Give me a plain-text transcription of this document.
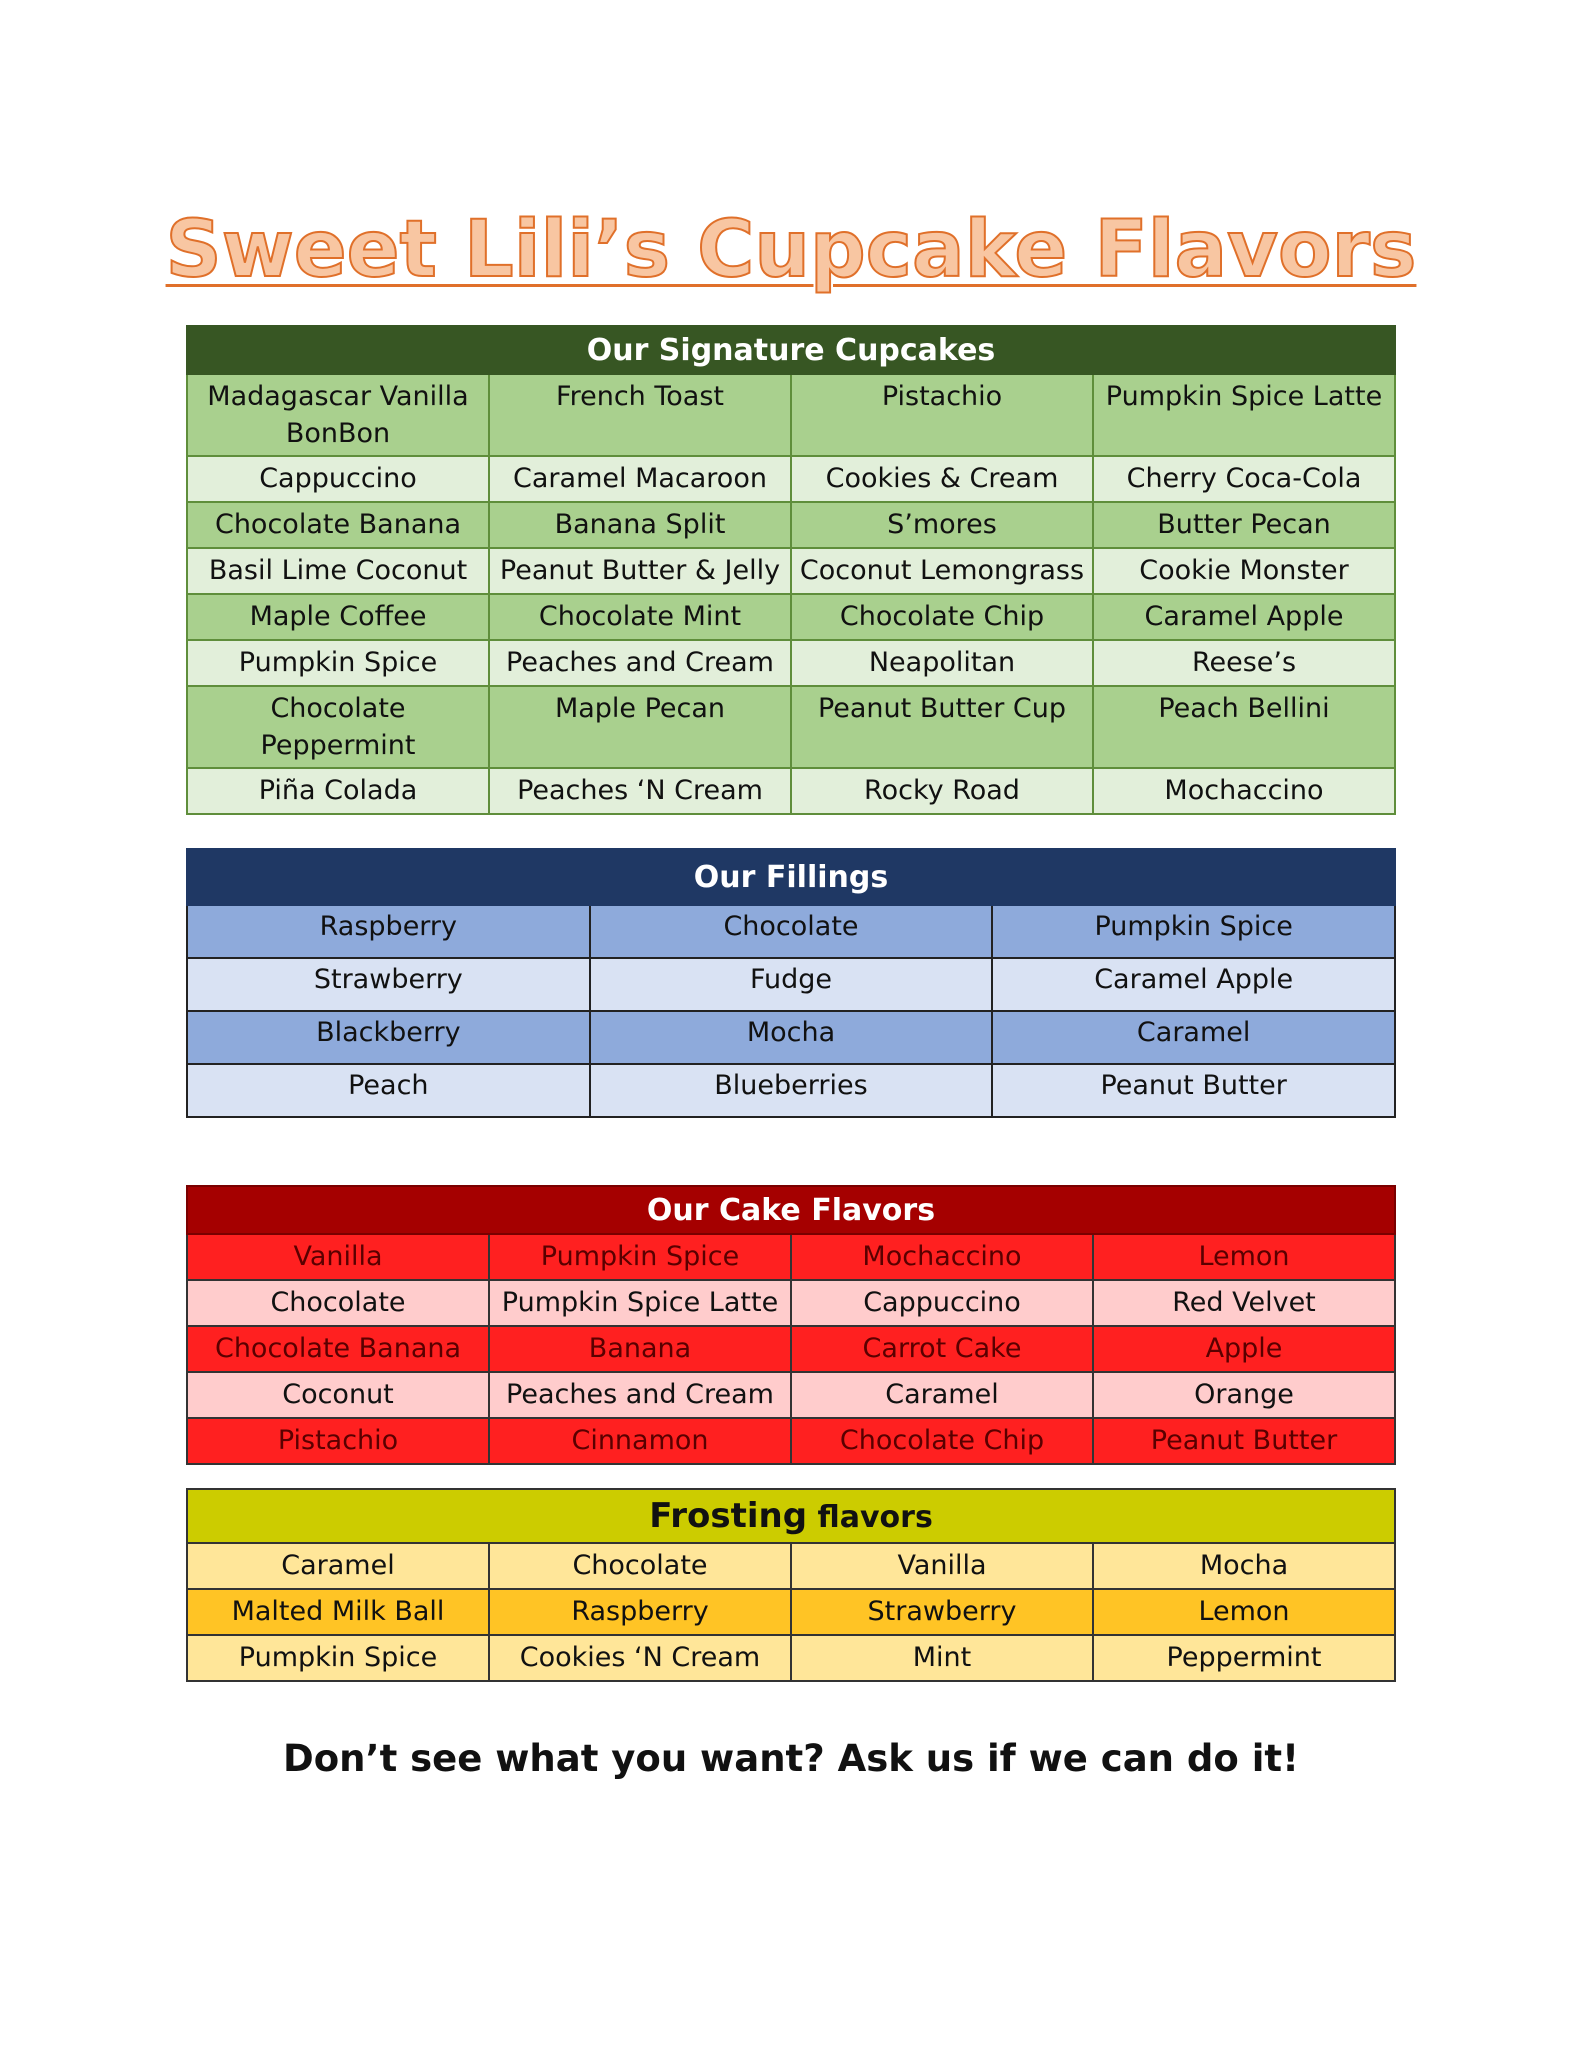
Sweet Lili’s Cupcake Flavors
Our Signature Cupcakes			
Madagascar Vanilla BonBon	French Toast	Pistachio	Pumpkin Spice Latte
Cappuccino	Caramel Macaroon	Cookies & Cream	Cherry Coca-Cola
Chocolate Banana	Banana Split	S’mores	Butter Pecan
Basil Lime Coconut	Peanut Butter & Jelly	Coconut Lemongrass	Cookie Monster
Maple Coffee	Chocolate Mint	Chocolate Chip	Caramel Apple
Pumpkin Spice	Peaches and Cream	Neapolitan	Reese’s
Chocolate Peppermint	Maple Pecan	Peanut Butter Cup	Peach Bellini
Piña Colada	Peaches ‘N Cream	Rocky Road	Mochaccino
Our Fillings		
Raspberry	Chocolate	Pumpkin Spice
Strawberry	Fudge	Caramel Apple
Blackberry	Mocha	Caramel
Peach	Blueberries	Peanut Butter
Our Cake Flavors			
Vanilla	Pumpkin Spice	Mochaccino	Lemon
Chocolate	Pumpkin Spice Latte	Cappuccino	Red Velvet
Chocolate Banana	Banana	Carrot Cake	Apple
Coconut	Peaches and Cream	Caramel	Orange
Pistachio	Cinnamon	Chocolate Chip	Peanut Butter
Frosting flavors			
Caramel	Chocolate	Vanilla	Mocha
Malted Milk Ball	Raspberry	Strawberry	Lemon
Pumpkin Spice	Cookies ‘N Cream	Mint	Peppermint
Don’t see what you want? Ask us if we can do it!
